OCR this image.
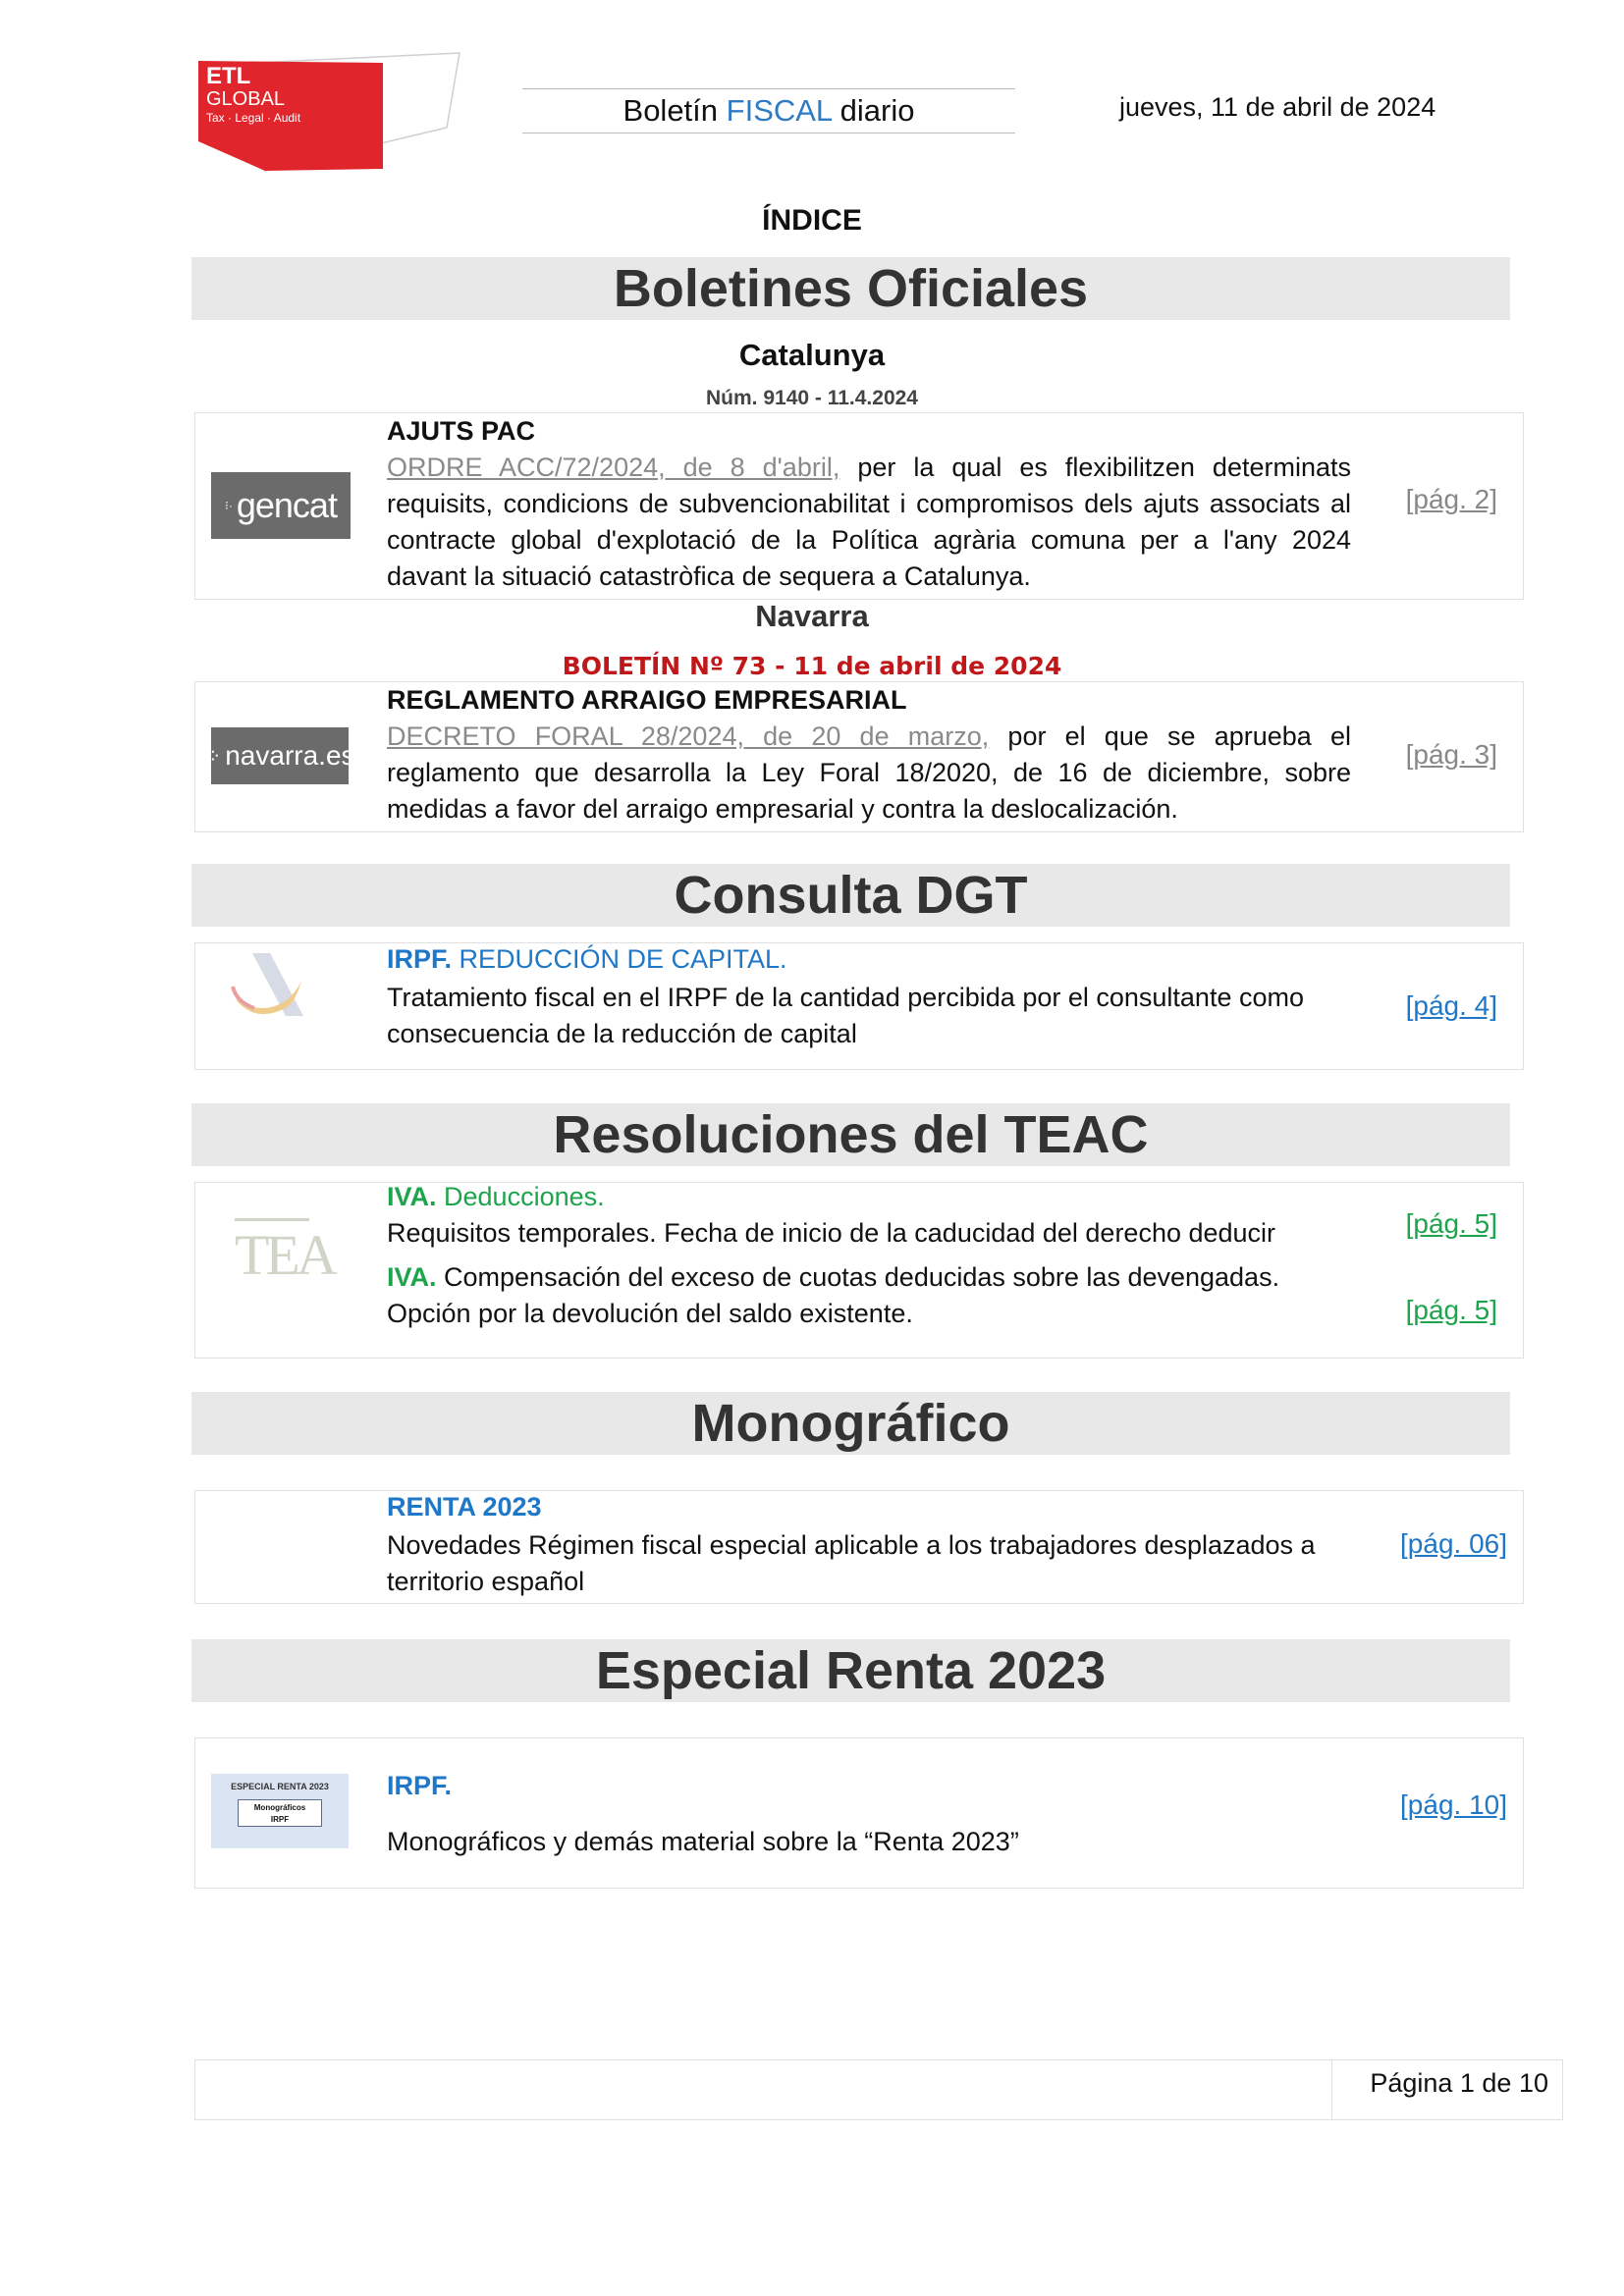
ETL
GLOBAL
Tax · Legal · Audit	Boletín FISCAL diario	jueves, 11 de abril de 2024
ÍNDICE
Boletines Oficiales
Catalunya
Núm. 9140 - 11.4.2024
⁝· gencat
AJUTS PAC
ORDRE ACC/72/2024, de 8 d'abril, per la qual es flexibilitzen determinats requisits, condicions de subvencionabilitat i compromisos dels ajuts associats al contracte global d'explotació de la Política agrària comuna per a l'any 2024 davant la situació catastròfica de sequera a Catalunya.
[pág. 2]
Navarra
BOLETÍN Nº 73 - 11 de abril de 2024
⁘ navarra.es
REGLAMENTO ARRAIGO EMPRESARIAL
DECRETO FORAL 28/2024, de 20 de marzo, por el que se aprueba el reglamento que desarrolla la Ley Foral 18/2020, de 16 de diciembre, sobre medidas a favor del arraigo empresarial y contra la deslocalización.
[pág. 3]
Consulta DGT
IRPF. REDUCCIÓN DE CAPITAL.
Tratamiento fiscal en el IRPF de la cantidad percibida por el consultante como consecuencia de la reducción de capital
[pág. 4]
Resoluciones del TEAC
TEA
IVA. Deducciones.
Requisitos temporales. Fecha de inicio de la caducidad del derecho deducir
IVA. Compensación del exceso de cuotas deducidas sobre las devengadas. Opción por la devolución del saldo existente.
[pág. 5]
[pág. 5]
Monográfico
RENTA 2023
Novedades Régimen fiscal especial aplicable a los trabajadores desplazados a territorio español
[pág. 06]
Especial Renta 2023
ESPECIAL RENTA 2023
Monográficos
IRPF
IRPF.
Monográficos y demás material sobre la “Renta 2023”
[pág. 10]
Página 1 de 10
